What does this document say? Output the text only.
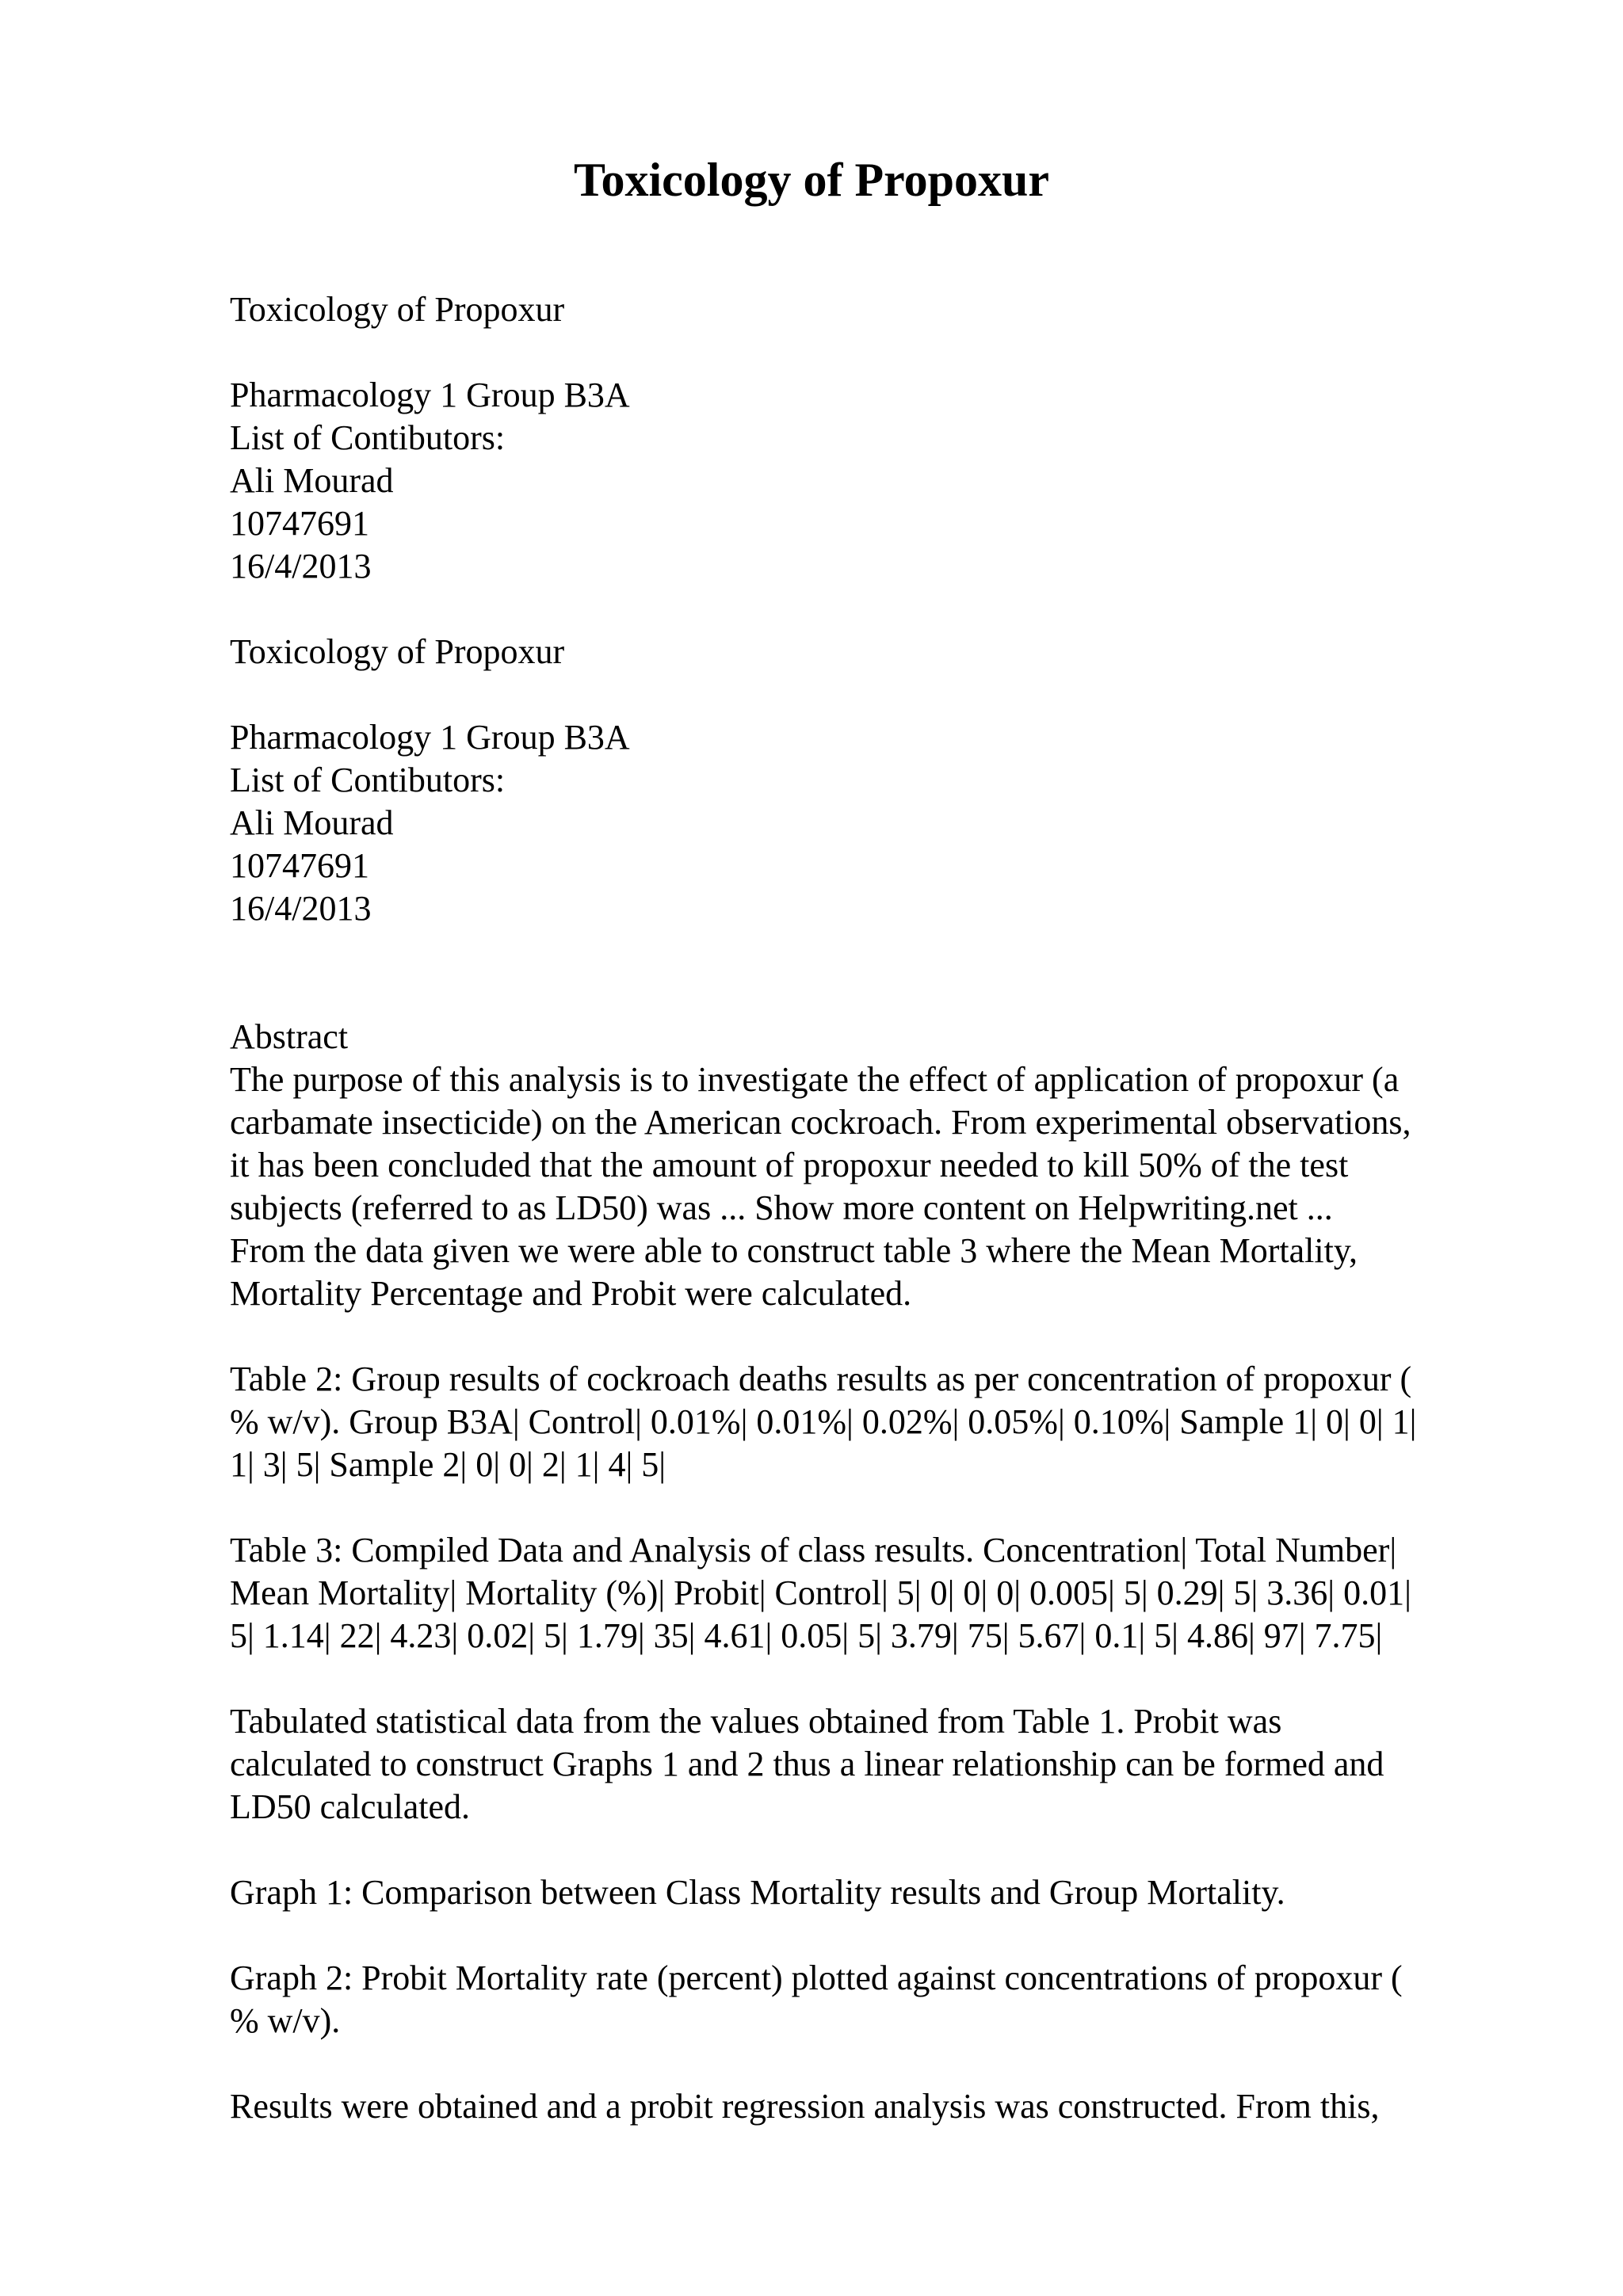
Toxicology of Propoxur
Toxicology of Propoxur
Pharmacology 1 Group B3A
List of Contibutors:
Ali Mourad
10747691
16/4/2013
Toxicology of Propoxur
Pharmacology 1 Group B3A
List of Contibutors:
Ali Mourad
10747691
16/4/2013
Abstract
The purpose of this analysis is to investigate the effect of application of propoxur (a
carbamate insecticide) on the American cockroach. From experimental observations,
it has been concluded that the amount of propoxur needed to kill 50% of the test
subjects (referred to as LD50) was ... Show more content on Helpwriting.net ...
From the data given we were able to construct table 3 where the Mean Mortality,
Mortality Percentage and Probit were calculated.
Table 2: Group results of cockroach deaths results as per concentration of propoxur (
% w/v). Group B3A| Control| 0.01%| 0.01%| 0.02%| 0.05%| 0.10%| Sample 1| 0| 0| 1|
1| 3| 5| Sample 2| 0| 0| 2| 1| 4| 5|
Table 3: Compiled Data and Analysis of class results. Concentration| Total Number|
Mean Mortality| Mortality (%)| Probit| Control| 5| 0| 0| 0| 0.005| 5| 0.29| 5| 3.36| 0.01|
5| 1.14| 22| 4.23| 0.02| 5| 1.79| 35| 4.61| 0.05| 5| 3.79| 75| 5.67| 0.1| 5| 4.86| 97| 7.75|
Tabulated statistical data from the values obtained from Table 1. Probit was
calculated to construct Graphs 1 and 2 thus a linear relationship can be formed and
LD50 calculated.
Graph 1: Comparison between Class Mortality results and Group Mortality.
Graph 2: Probit Mortality rate (percent) plotted against concentrations of propoxur (
% w/v).
Results were obtained and a probit regression analysis was constructed. From this,
